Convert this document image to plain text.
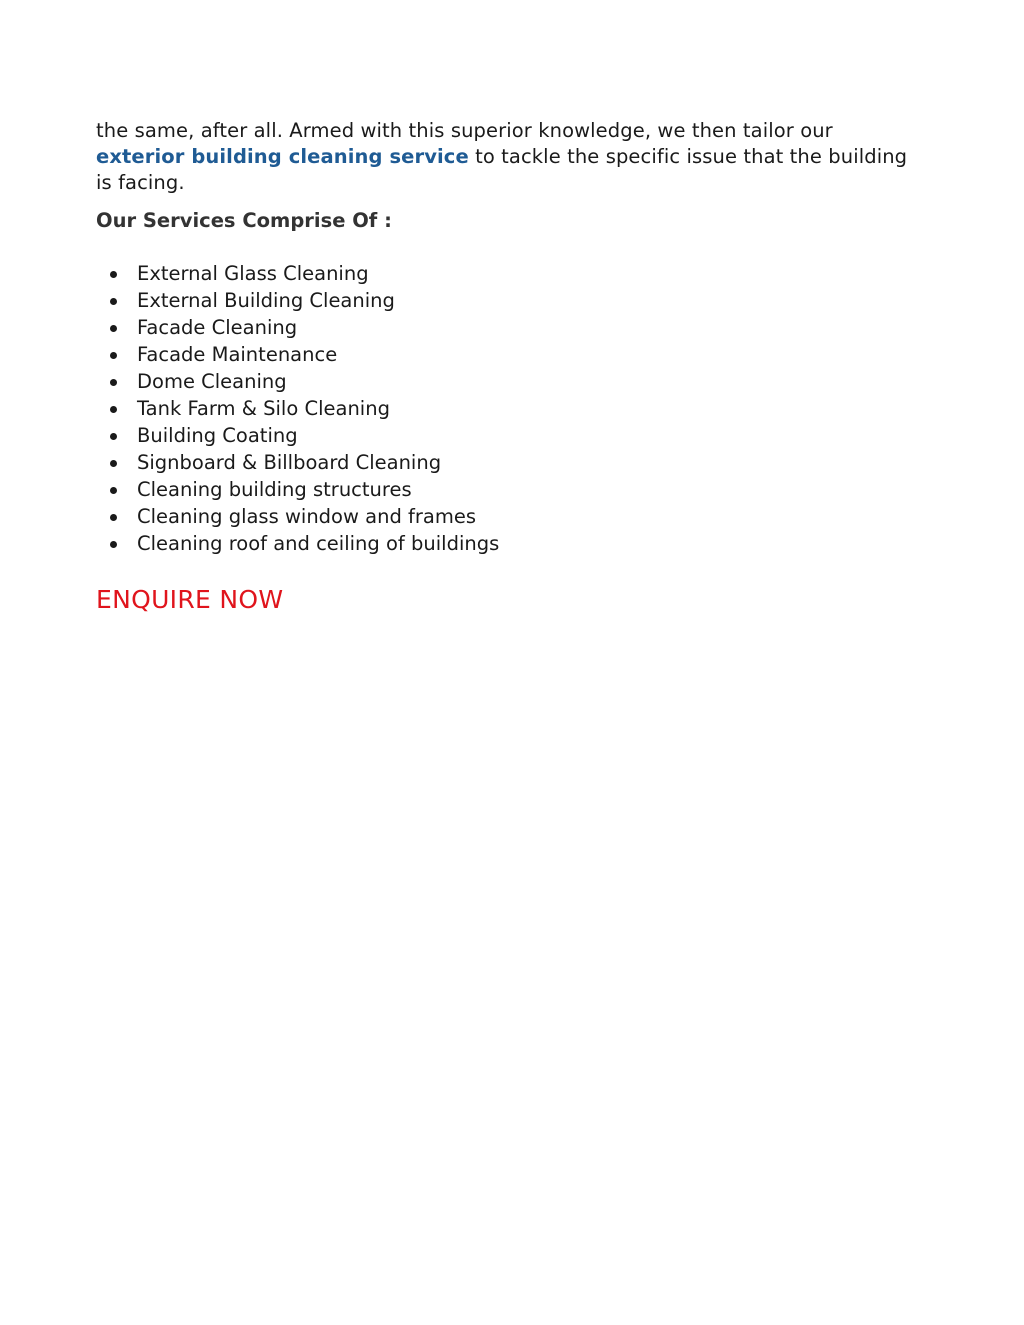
the same, after all. Armed with this superior knowledge, we then tailor our exterior building cleaning service to tackle the specific issue that the building is facing.

Our Services Comprise Of :
External Glass Cleaning
External Building Cleaning
Facade Cleaning
Facade Maintenance
Dome Cleaning
Tank Farm & Silo Cleaning
Building Coating
Signboard & Billboard Cleaning
Cleaning building structures
Cleaning glass window and frames
Cleaning roof and ceiling of buildings
ENQUIRE NOW
